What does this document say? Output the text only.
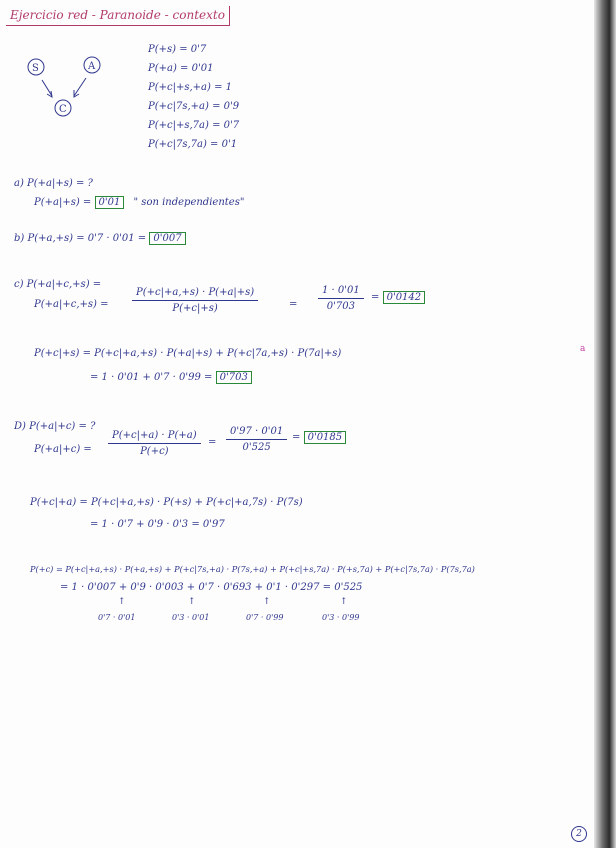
Ejercicio red - Paranoide - contexto
S	A
C
P(+s) = 0'7
P(+a) = 0'01
P(+c|+s,+a) = 1
P(+c|7s,+a) = 0'9
P(+c|+s,7a) = 0'7
P(+c|7s,7a) = 0'1
a) P(+a|+s) = ?
P(+a|+s) = 0'01 " son independientes"
b) P(+a,+s) = 0'7 · 0'01 = 0'007
c) P(+a|+c,+s) =
$P(+a|+c,+s) = \frac{P(+c|+a,+s) \cdot P(+a|+s)}{P(+c|+s)}$	= $\frac{1 \cdot 0'01}{0'703} = 0'0142$
P(+c|+s) = P(+c|+a,+s) · P(+a|+s) + P(+c|7a,+s) · P(7a|+s)
= 1 · 0'01 + 0'7 · 0'99 = 0'703
a
D) P(+a|+c) = ?
$P(+a|+c) = \frac{P(+c|+a) \cdot P(+a)}{P(+c)} = \frac{0'97 \cdot 0'01}{0'525} = 0'0185$
P(+c|+a) = P(+c|+a,+s) · P(+s) + P(+c|+a,7s) · P(7s)
= 1 · 0'7 + 0'9 · 0'3 = 0'97
P(+c) = P(+c|+a,+s) · P(+a,+s) + P(+c|7s,+a) · P(7s,+a) + P(+c|+s,7a) · P(+s,7a) + P(+c|7s,7a) · P(7s,7a)
= 1 · 0'007 + 0'9 · 0'003 + 0'7 · 0'693 + 0'1 · 0'297 = 0'525
↑	↑	↑	↑
0'7 · 0'01	0'3 · 0'01	0'7 · 0'99	0'3 · 0'99
2
